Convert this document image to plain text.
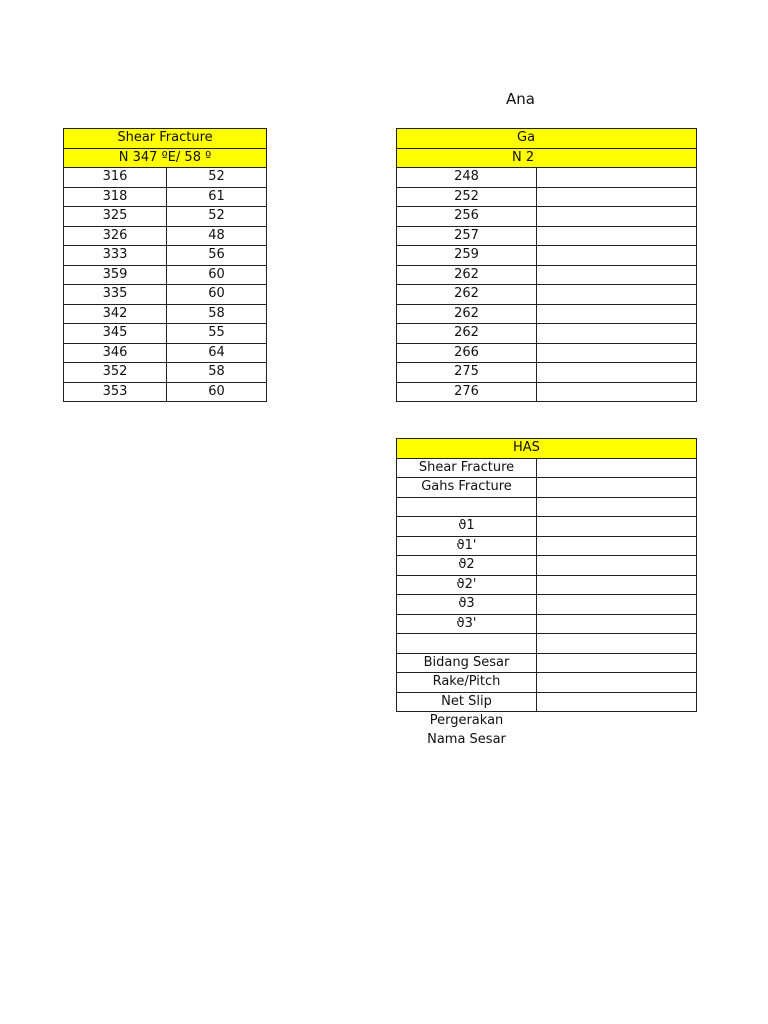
Ana
Shear Fracture	
N 347 ºE/ 58 º	
316	52
318	61
325	52
326	48
333	56
359	60
335	60
342	58
345	55
346	64
352	58
353	60
Ga	
N 2	
248	
252	
256	
257	
259	
262	
262	
262	
262	
266	
275	
276	
HAS	
Shear Fracture	
Gahs Fracture	

ϑ1	
ϑ1'	
ϑ2	
ϑ2'	
ϑ3	
ϑ3'	

Bidang Sesar	
Rake/Pitch	
Net Slip	
Pergerakan	
Nama Sesar	
